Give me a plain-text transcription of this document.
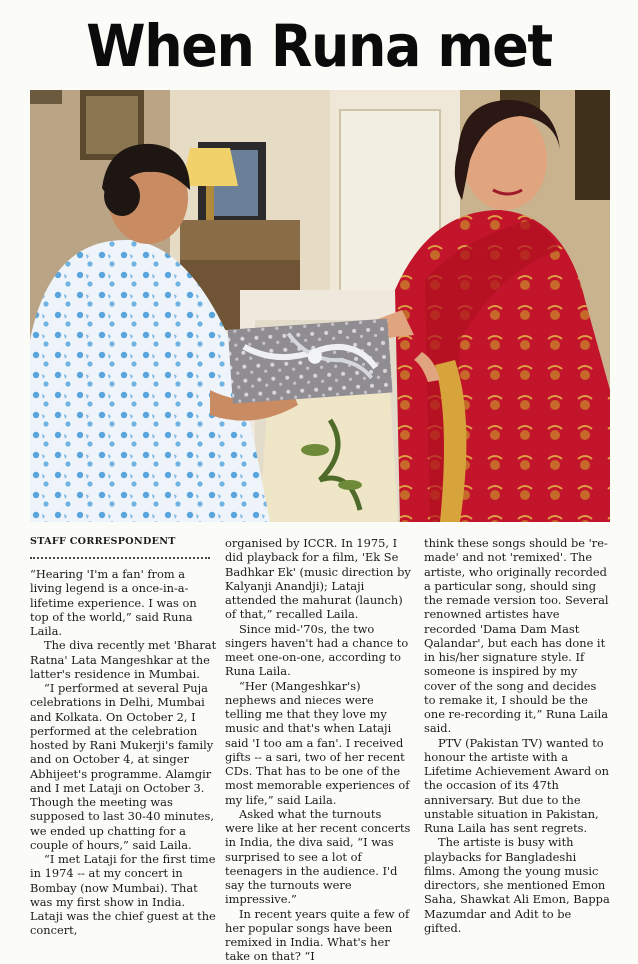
When Runa met
STAFF CORRESPONDENT

“Hearing 'I'm a fan' from a living legend is a once-in-a-lifetime experience. I was on top of the world,” said Runa Laila.

The diva recently met 'Bharat Ratna' Lata Mangeshkar at the latter's residence in Mumbai.

“I performed at several Puja celebrations in Delhi, Mumbai and Kolkata. On October 2, I performed at the celebration hosted by Rani Mukerji's family and on October 4, at singer Abhijeet's programme. Alamgir and I met Lataji on October 3. Though the meeting was supposed to last 30-40 minutes, we ended up chatting for a couple of hours,” said Laila.

“I met Lataji for the first time in 1974 -- at my concert in Bombay (now Mumbai). That was my first show in India. Lataji was the chief guest at the concert,

organised by ICCR. In 1975, I did playback for a film, 'Ek Se Badhkar Ek' (music direction by Kalyanji Anandji); Lataji attended the mahurat (launch) of that,” recalled Laila.

Since mid-'70s, the two singers haven't had a chance to meet one-on-one, according to Runa Laila.

“Her (Mangeshkar's) nephews and nieces were telling me that they love my music and that's when Lataji said 'I too am a fan'. I received gifts -- a sari, two of her recent CDs. That has to be one of the most memorable experiences of my life,” said Laila.

Asked what the turnouts were like at her recent concerts in India, the diva said, “I was surprised to see a lot of teenagers in the audience. I'd say the turnouts were impressive.”

In recent years quite a few of her popular songs have been remixed in India. What's her take on that? “I

think these songs should be 're-made' and not 'remixed'. The artiste, who originally recorded a particular song, should sing the remade version too. Several renowned artistes have recorded 'Dama Dam Mast Qalandar', but each has done it in his/her signature style. If someone is inspired by my cover of the song and decides to remake it, I should be the one re-recording it,” Runa Laila said.

PTV (Pakistan TV) wanted to honour the artiste with a Lifetime Achievement Award on the occasion of its 47th anniversary. But due to the unstable situation in Pakistan, Runa Laila has sent regrets.

The artiste is busy with playbacks for Bangladeshi films. Among the young music directors, she mentioned Emon Saha, Shawkat Ali Emon, Bappa Mazumdar and Adit to be gifted.
